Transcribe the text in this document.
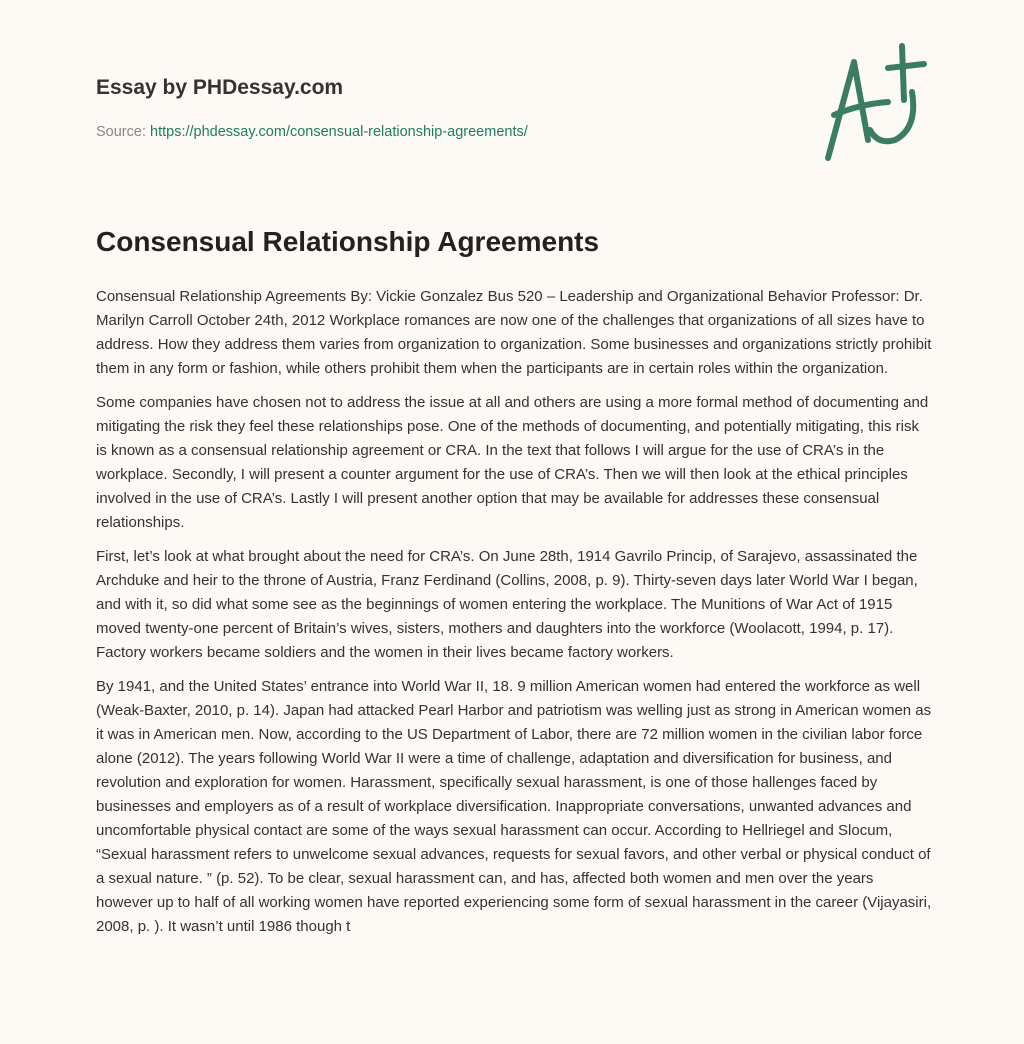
Essay by PHDessay.com
Source: https://phdessay.com/consensual-relationship-agreements/
Consensual Relationship Agreements

Consensual Relationship Agreements By: Vickie Gonzalez Bus 520 – Leadership and Organizational Behavior Professor: Dr. Marilyn Carroll October 24th, 2012 Workplace romances are now one of the challenges that organizations of all sizes have to address. How they address them varies from organization to organization. Some businesses and organizations strictly prohibit them in any form or fashion, while others prohibit them when the participants are in certain roles within the organization.

Some companies have chosen not to address the issue at all and others are using a more formal method of documenting and mitigating the risk they feel these relationships pose. One of the methods of documenting, and potentially mitigating, this risk is known as a consensual relationship agreement or CRA. In the text that follows I will argue for the use of CRA’s in the workplace. Secondly, I will present a counter argument for the use of CRA’s. Then we will then look at the ethical principles involved in the use of CRA’s. Lastly I will present another option that may be available for addresses these consensual relationships.

First, let’s look at what brought about the need for CRA’s. On June 28th, 1914 Gavrilo Princip, of Sarajevo, assassinated the Archduke and heir to the throne of Austria, Franz Ferdinand (Collins, 2008, p. 9). Thirty-seven days later World War I began, and with it, so did what some see as the beginnings of women entering the workplace. The Munitions of War Act of 1915 moved twenty-one percent of Britain’s wives, sisters, mothers and daughters into the workforce (Woolacott, 1994, p. 17). Factory workers became soldiers and the women in their lives became factory workers.

By 1941, and the United States’ entrance into World War II, 18. 9 million American women had entered the workforce as well (Weak-Baxter, 2010, p. 14). Japan had attacked Pearl Harbor and patriotism was welling just as strong in American women as it was in American men. Now, according to the US Department of Labor, there are 72 million women in the civilian labor force alone (2012). The years following World War II were a time of challenge, adaptation and diversification for business, and revolution and exploration for women. Harassment, specifically sexual harassment, is one of those hallenges faced by businesses and employers as of a result of workplace diversification. Inappropriate conversations, unwanted advances and uncomfortable physical contact are some of the ways sexual harassment can occur. According to Hellriegel and Slocum, “Sexual harassment refers to unwelcome sexual advances, requests for sexual favors, and other verbal or physical conduct of a sexual nature. ” (p. 52). To be clear, sexual harassment can, and has, affected both women and men over the years however up to half of all working women have reported experiencing some form of sexual harassment in the career (Vijayasiri, 2008, p. ). It wasn’t until 1986 though t
